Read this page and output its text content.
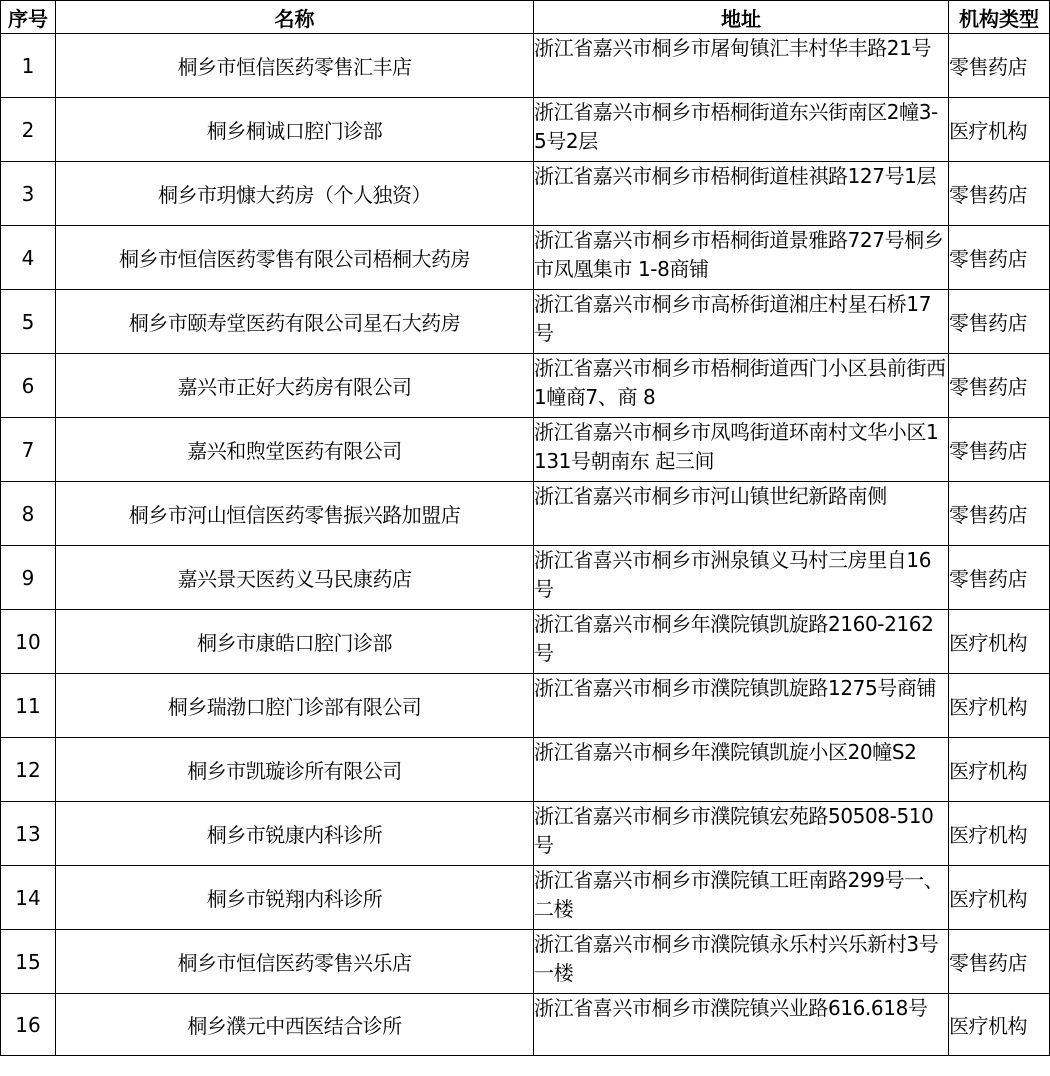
序号	名称	地址	机构类型
1	桐乡市恒信医药零售汇丰店	浙江省嘉兴市桐乡市屠甸镇汇丰村华丰路21号	零售药店
2	桐乡桐诚口腔门诊部	浙江省嘉兴市桐乡市梧桐街道东兴街南区2幢3-5号2层	医疗机构
3	桐乡市玥慷大药房（个人独资）	浙江省嘉兴市桐乡市梧桐街道桂祺路127号1层	零售药店
4	桐乡市恒信医药零售有限公司梧桐大药房	浙江省嘉兴市桐乡市梧桐街道景雅路727号桐乡市凤凰集市 1-8商铺	零售药店
5	桐乡市颐寿堂医药有限公司星石大药房	浙江省嘉兴市桐乡市高桥街道湘庄村星石桥17号	零售药店
6	嘉兴市正好大药房有限公司	浙江省嘉兴市桐乡市梧桐街道西门小区县前街西1幢商7、商 8	零售药店
7	嘉兴和煦堂医药有限公司	浙江省嘉兴市桐乡市凤鸣街道环南村文华小区1131号朝南东 起三间	零售药店
8	桐乡市河山恒信医药零售振兴路加盟店	浙江省嘉兴市桐乡市河山镇世纪新路南侧	零售药店
9	嘉兴景天医药义马民康药店	浙江省喜兴市桐乡市洲泉镇义马村三房里自16号	零售药店
10	桐乡市康皓口腔门诊部	浙江省嘉兴市桐乡年濮院镇凯旋路2160-2162号	医疗机构
11	桐乡瑞渤口腔门诊部有限公司	浙江省嘉兴市桐乡市濮院镇凯旋路1275号商铺	医疗机构
12	桐乡市凯璇诊所有限公司	浙江省嘉兴市桐乡年濮院镇凯旋小区20幢S2	医疗机构
13	桐乡市锐康内科诊所	浙江省嘉兴市桐乡市濮院镇宏苑路50508-510号	医疗机构
14	桐乡市锐翔内科诊所	浙江省嘉兴市桐乡市濮院镇工旺南路299号一、二楼	医疗机构
15	桐乡市恒信医药零售兴乐店	浙江省嘉兴市桐乡市濮院镇永乐村兴乐新村3号一楼	零售药店
16	桐乡濮元中西医结合诊所	浙江省喜兴市桐乡市濮院镇兴业路616.618号	医疗机构
